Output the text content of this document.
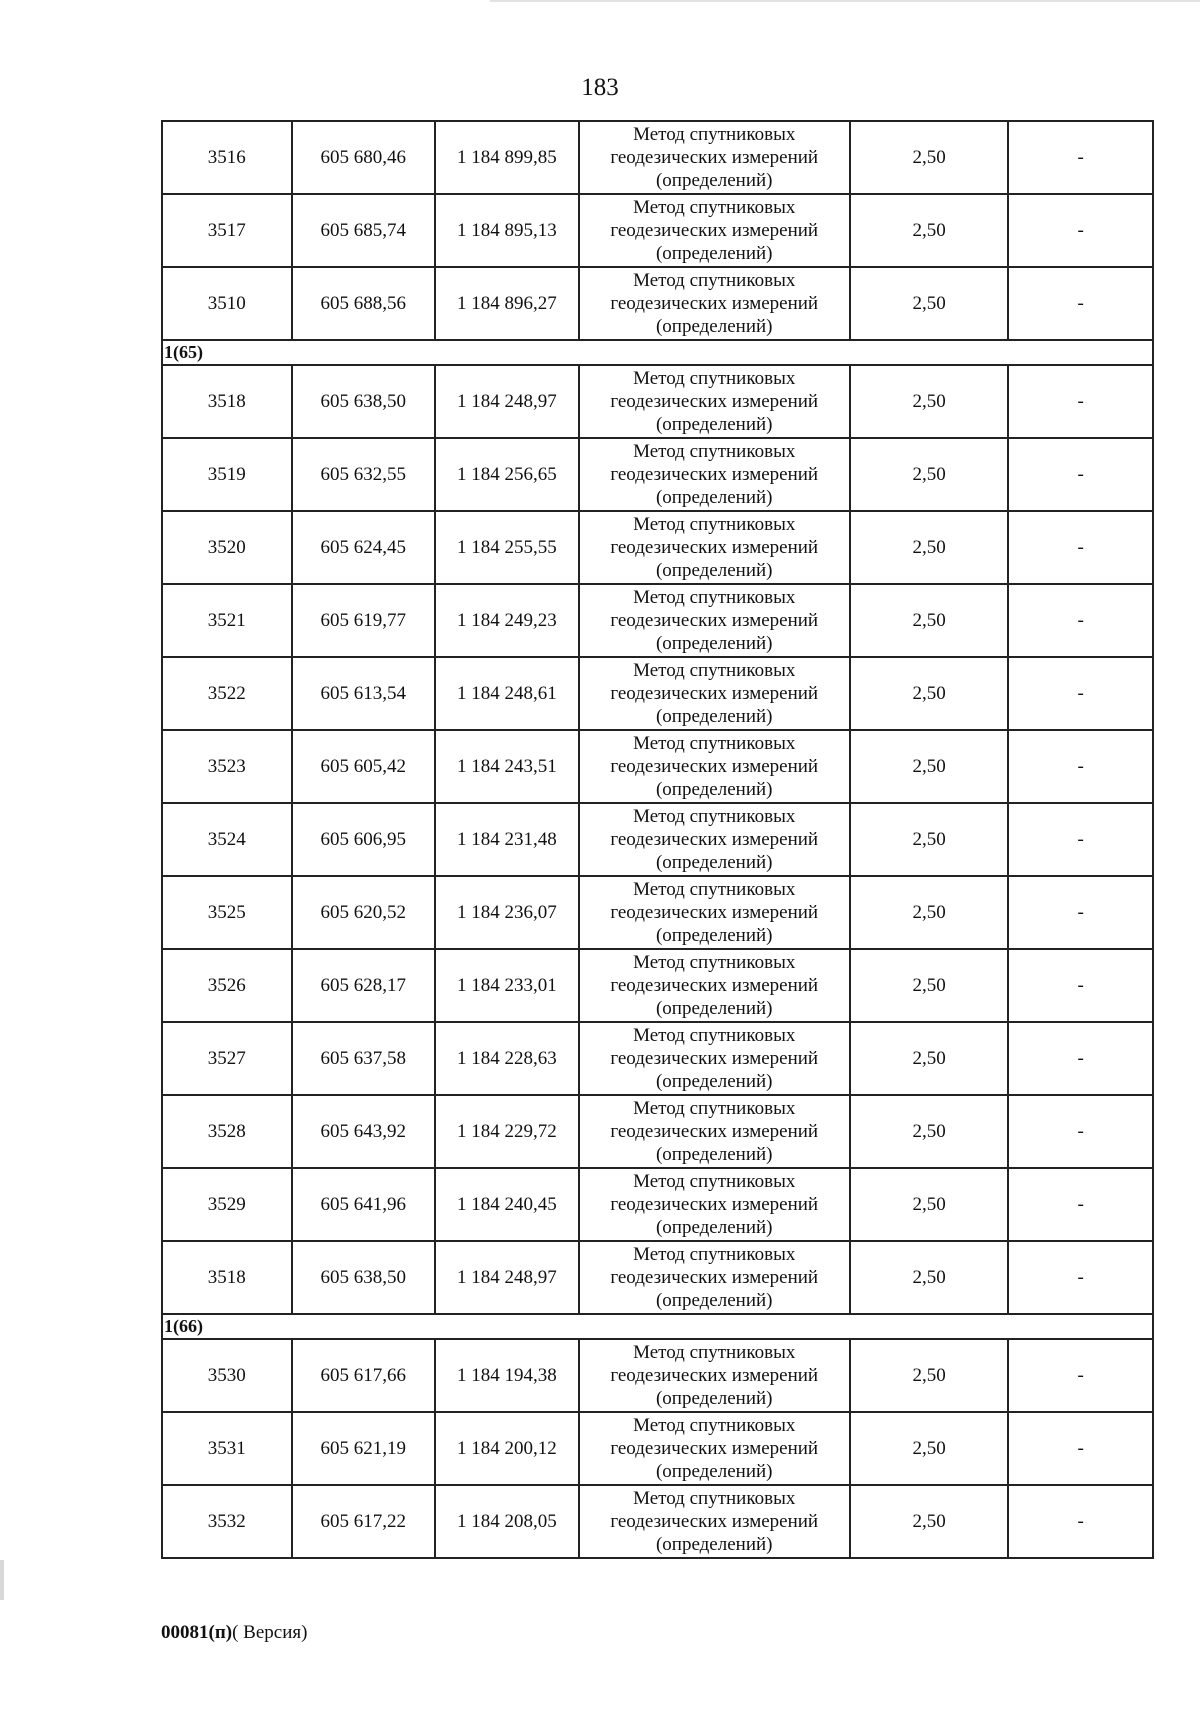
183
3516	605 680,46	1 184 899,85	Метод спутниковых
геодезических измерений
(определений)	2,50	-
3517	605 685,74	1 184 895,13	Метод спутниковых
геодезических измерений
(определений)	2,50	-
3510	605 688,56	1 184 896,27	Метод спутниковых
геодезических измерений
(определений)	2,50	-
1(65)					
3518	605 638,50	1 184 248,97	Метод спутниковых
геодезических измерений
(определений)	2,50	-
3519	605 632,55	1 184 256,65	Метод спутниковых
геодезических измерений
(определений)	2,50	-
3520	605 624,45	1 184 255,55	Метод спутниковых
геодезических измерений
(определений)	2,50	-
3521	605 619,77	1 184 249,23	Метод спутниковых
геодезических измерений
(определений)	2,50	-
3522	605 613,54	1 184 248,61	Метод спутниковых
геодезических измерений
(определений)	2,50	-
3523	605 605,42	1 184 243,51	Метод спутниковых
геодезических измерений
(определений)	2,50	-
3524	605 606,95	1 184 231,48	Метод спутниковых
геодезических измерений
(определений)	2,50	-
3525	605 620,52	1 184 236,07	Метод спутниковых
геодезических измерений
(определений)	2,50	-
3526	605 628,17	1 184 233,01	Метод спутниковых
геодезических измерений
(определений)	2,50	-
3527	605 637,58	1 184 228,63	Метод спутниковых
геодезических измерений
(определений)	2,50	-
3528	605 643,92	1 184 229,72	Метод спутниковых
геодезических измерений
(определений)	2,50	-
3529	605 641,96	1 184 240,45	Метод спутниковых
геодезических измерений
(определений)	2,50	-
3518	605 638,50	1 184 248,97	Метод спутниковых
геодезических измерений
(определений)	2,50	-
1(66)					
3530	605 617,66	1 184 194,38	Метод спутниковых
геодезических измерений
(определений)	2,50	-
3531	605 621,19	1 184 200,12	Метод спутниковых
геодезических измерений
(определений)	2,50	-
3532	605 617,22	1 184 208,05	Метод спутниковых
геодезических измерений
(определений)	2,50	-
00081(п)( Версия)
